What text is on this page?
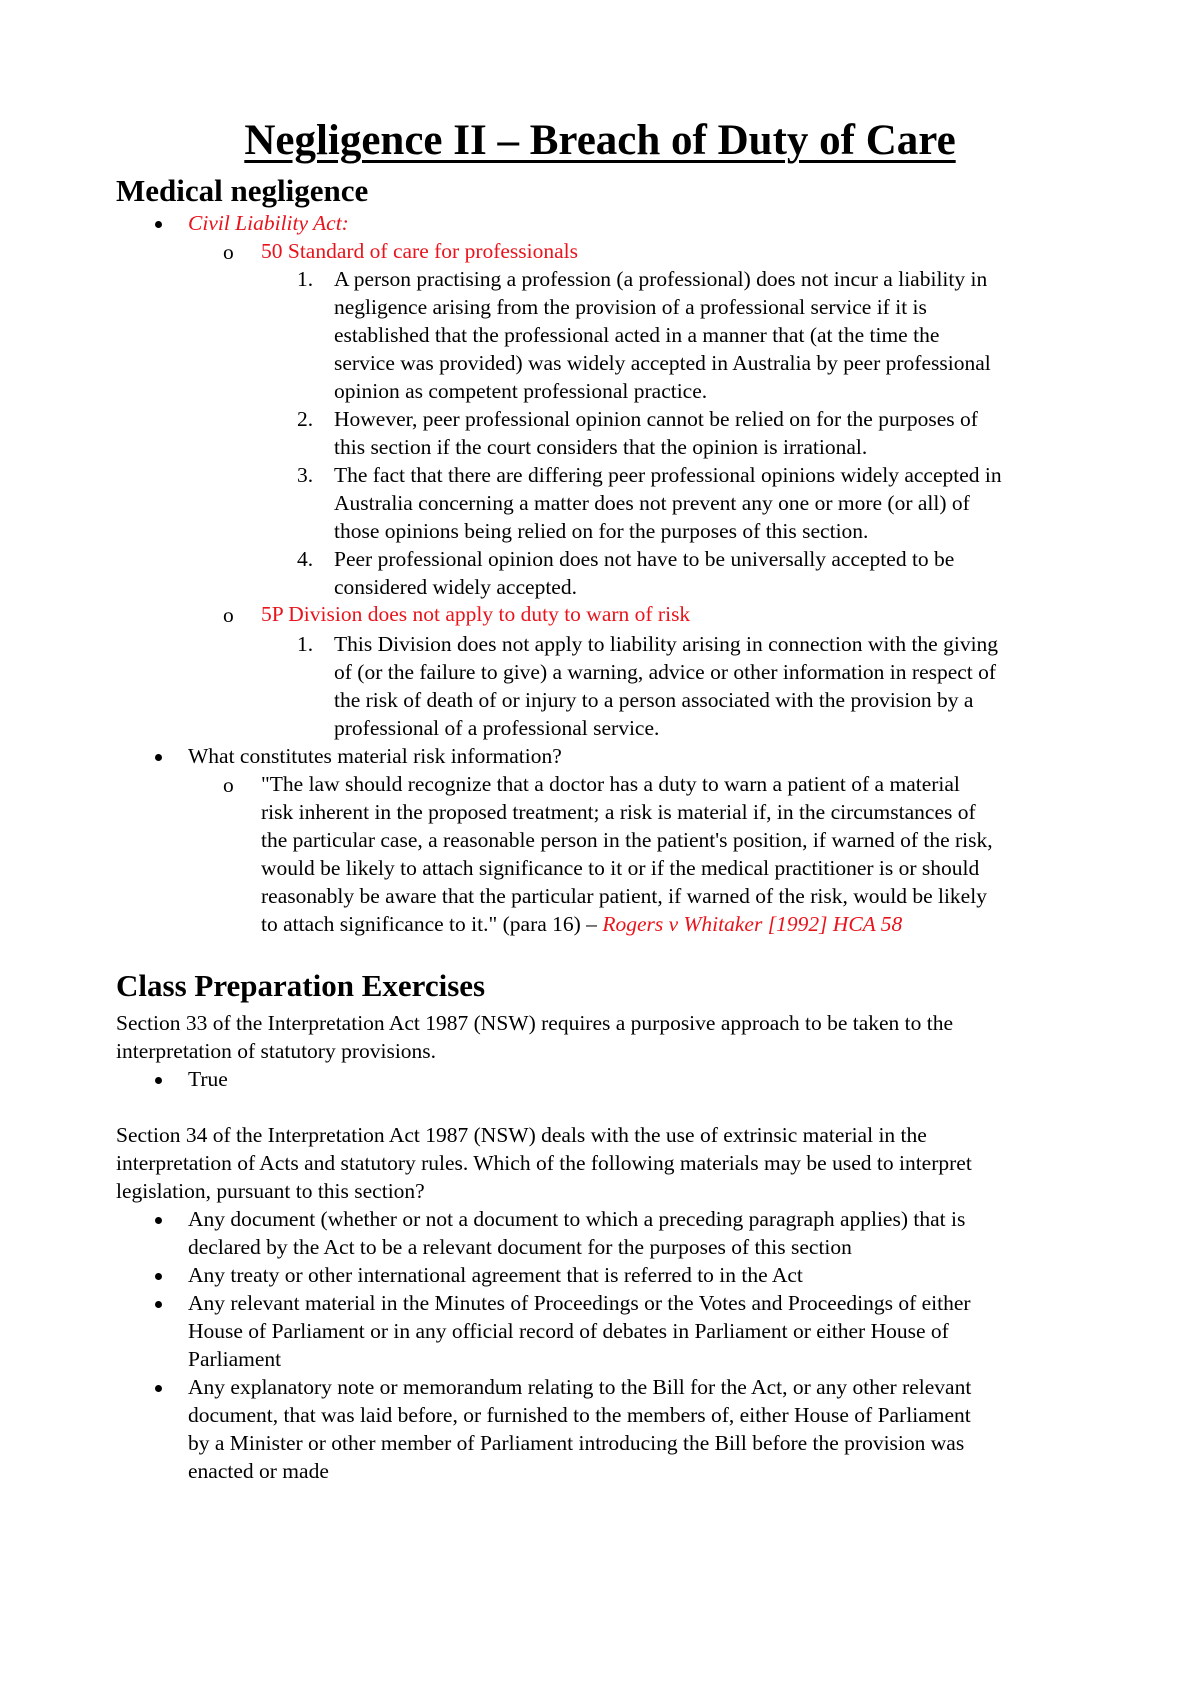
Negligence II – Breach of Duty of Care
Medical negligence
Civil Liability Act:
o 50 Standard of care for professionals
1. A person practising a profession (a professional) does not incur a liability in
negligence arising from the provision of a professional service if it is
established that the professional acted in a manner that (at the time the
service was provided) was widely accepted in Australia by peer professional
opinion as competent professional practice.
2. However, peer professional opinion cannot be relied on for the purposes of
this section if the court considers that the opinion is irrational.
3. The fact that there are differing peer professional opinions widely accepted in
Australia concerning a matter does not prevent any one or more (or all) of
those opinions being relied on for the purposes of this section.
4. Peer professional opinion does not have to be universally accepted to be
considered widely accepted.
o 5P Division does not apply to duty to warn of risk
1. This Division does not apply to liability arising in connection with the giving
of (or the failure to give) a warning, advice or other information in respect of
the risk of death of or injury to a person associated with the provision by a
professional of a professional service.
What constitutes material risk information?
o "The law should recognize that a doctor has a duty to warn a patient of a material
risk inherent in the proposed treatment; a risk is material if, in the circumstances of
the particular case, a reasonable person in the patient's position, if warned of the risk,
would be likely to attach significance to it or if the medical practitioner is or should
reasonably be aware that the particular patient, if warned of the risk, would be likely
to attach significance to it." (para 16) – Rogers v Whitaker [1992] HCA 58
Class Preparation Exercises
Section 33 of the Interpretation Act 1987 (NSW) requires a purposive approach to be taken to the
interpretation of statutory provisions.
True
Section 34 of the Interpretation Act 1987 (NSW) deals with the use of extrinsic material in the
interpretation of Acts and statutory rules. Which of the following materials may be used to interpret
legislation, pursuant to this section?
Any document (whether or not a document to which a preceding paragraph applies) that is
declared by the Act to be a relevant document for the purposes of this section
Any treaty or other international agreement that is referred to in the Act
Any relevant material in the Minutes of Proceedings or the Votes and Proceedings of either
House of Parliament or in any official record of debates in Parliament or either House of
Parliament
Any explanatory note or memorandum relating to the Bill for the Act, or any other relevant
document, that was laid before, or furnished to the members of, either House of Parliament
by a Minister or other member of Parliament introducing the Bill before the provision was
enacted or made
